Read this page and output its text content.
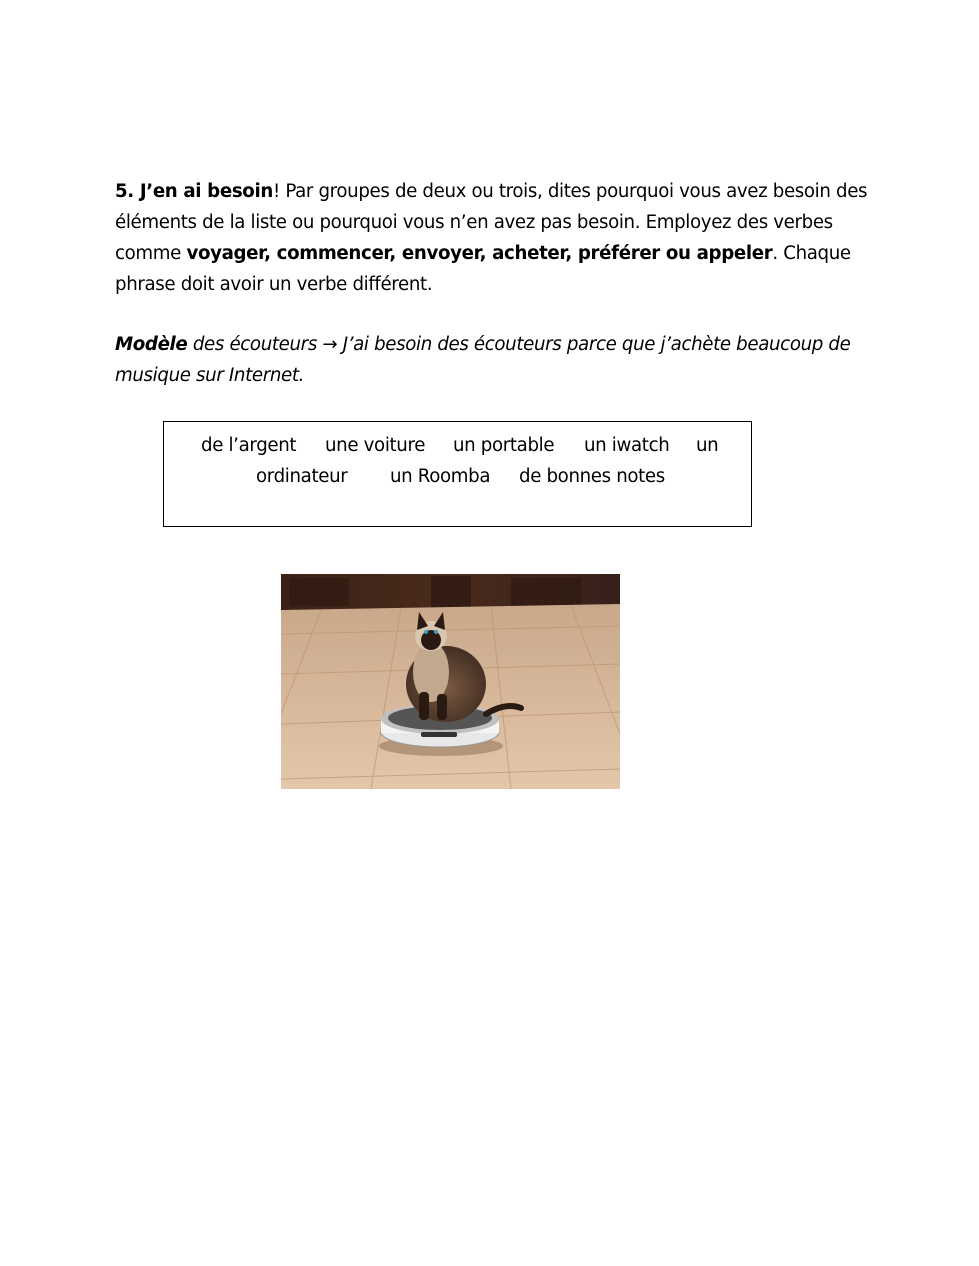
5. J’en ai besoin! Par groupes de deux ou trois, dites pourquoi vous avez besoin des éléments de la liste ou pourquoi vous n’en avez pas besoin. Employez des verbes comme voyager, commencer, envoyer, acheter, préférer ou appeler. Chaque phrase doit avoir un verbe différent.

Modèle des écouteurs → J’ai besoin des écouteurs parce que j’achète beaucoup de musique sur Internet.

de l’argent une voiture un portable un iwatch un
ordinateur un Roomba de bonnes notes
